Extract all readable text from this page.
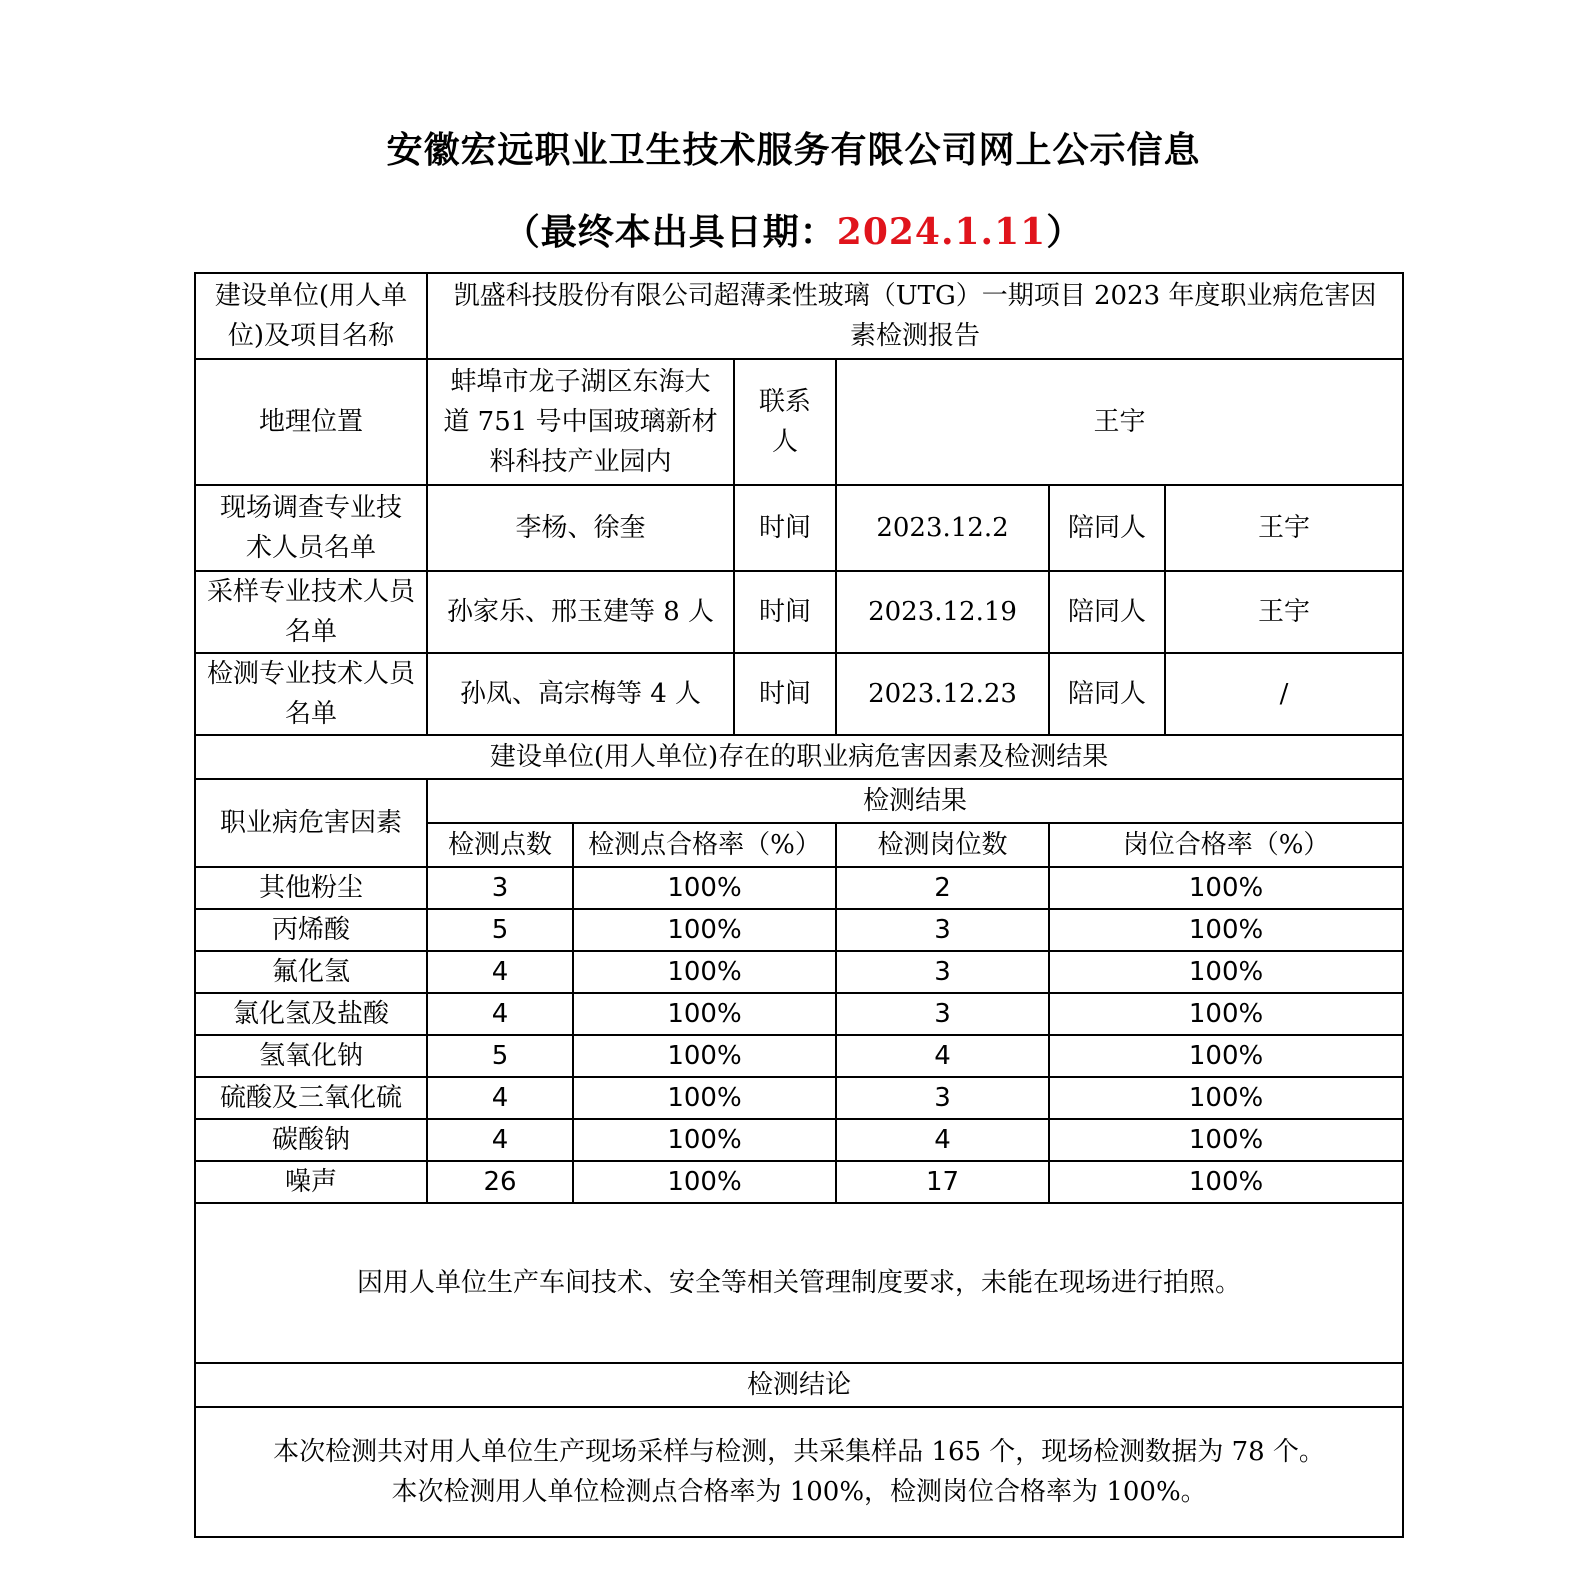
安徽宏远职业卫生技术服务有限公司网上公示信息
（最终本出具日期：2024.1.11）
建设单位(用人单位)及项目名称	凯盛科技股份有限公司超薄柔性玻璃（UTG）一期项目 2023 年度职业病危害因素检测报告					
地理位置	蚌埠市龙子湖区东海大道 751 号中国玻璃新材料科技产业园内		联系人	王宇		
现场调查专业技术人员名单	李杨、徐奎		时间	2023.12.2	陪同人	王宇
采样专业技术人员名单	孙家乐、邢玉建等 8 人		时间	2023.12.19	陪同人	王宇
检测专业技术人员名单	孙凤、高宗梅等 4 人		时间	2023.12.23	陪同人	/
建设单位(用人单位)存在的职业病危害因素及检测结果						
职业病危害因素	检测结果					
	检测点数	检测点合格率（%）		检测岗位数	岗位合格率（%）	
其他粉尘	3	100%		2	100%	
丙烯酸	5	100%		3	100%	
氟化氢	4	100%		3	100%	
氯化氢及盐酸	4	100%		3	100%	
氢氧化钠	5	100%		4	100%	
硫酸及三氧化硫	4	100%		3	100%	
碳酸钠	4	100%		4	100%	
噪声	26	100%		17	100%	
因用人单位生产车间技术、安全等相关管理制度要求，未能在现场进行拍照。						
检测结论						

本次检测共对用人单位生产现场采样与检测，共采集样品 165 个，现场检测数据为 78 个。
本次检测用人单位检测点合格率为 100%，检测岗位合格率为 100%。						
